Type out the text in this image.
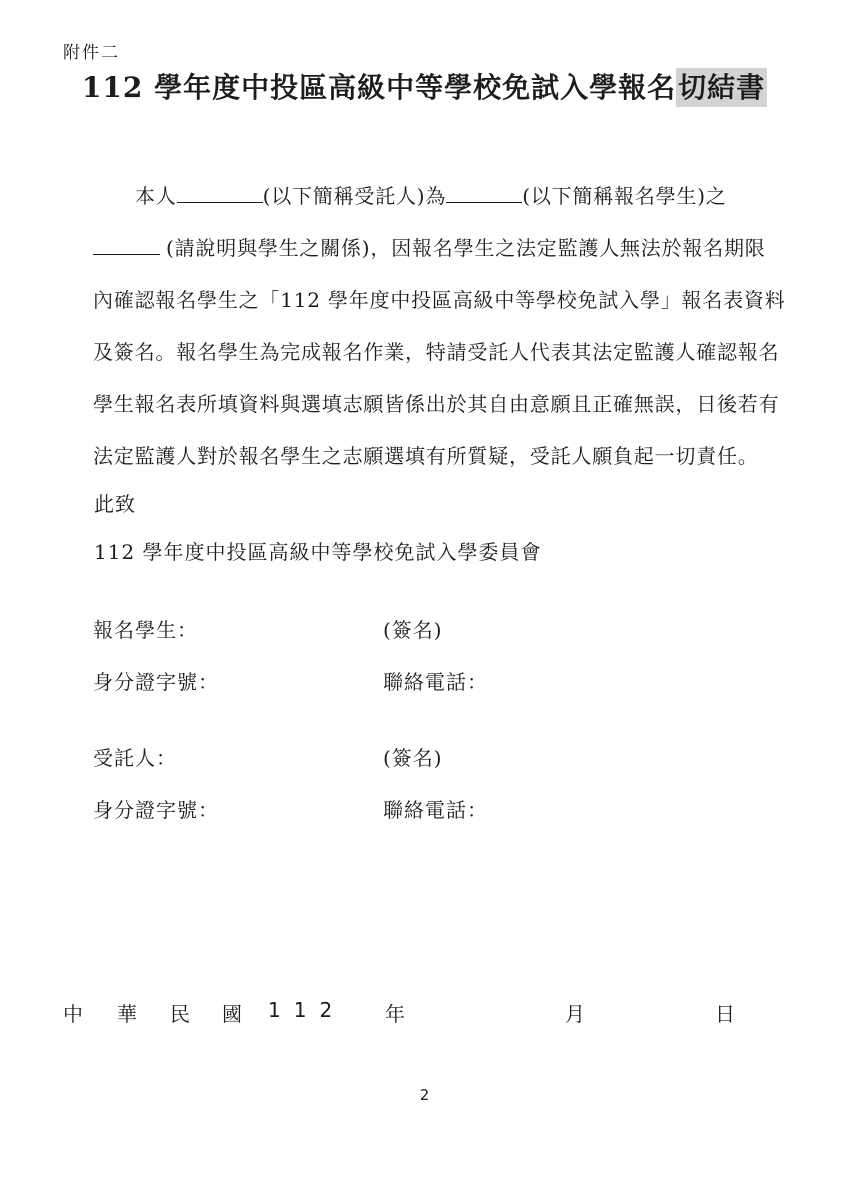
附件二
112 學年度中投區高級中等學校免試入學報名切結書
本人	(以下簡稱受託人)為	(以下簡稱報名學生)之
(請說明與學生之關係)，因報名學生之法定監護人無法於報名期限
內確認報名學生之「112 學年度中投區高級中等學校免試入學」報名表資料
及簽名。報名學生為完成報名作業，特請受託人代表其法定監護人確認報名
學生報名表所填資料與選填志願皆係出於其自由意願且正確無誤，日後若有
法定監護人對於報名學生之志願選填有所質疑，受託人願負起一切責任。
此致
112 學年度中投區高級中等學校免試入學委員會
報名學生：	(簽名)
身分證字號：	聯絡電話：
受託人：	(簽名)
身分證字號：	聯絡電話：
中 華 民 國 112 年	月	日
2
